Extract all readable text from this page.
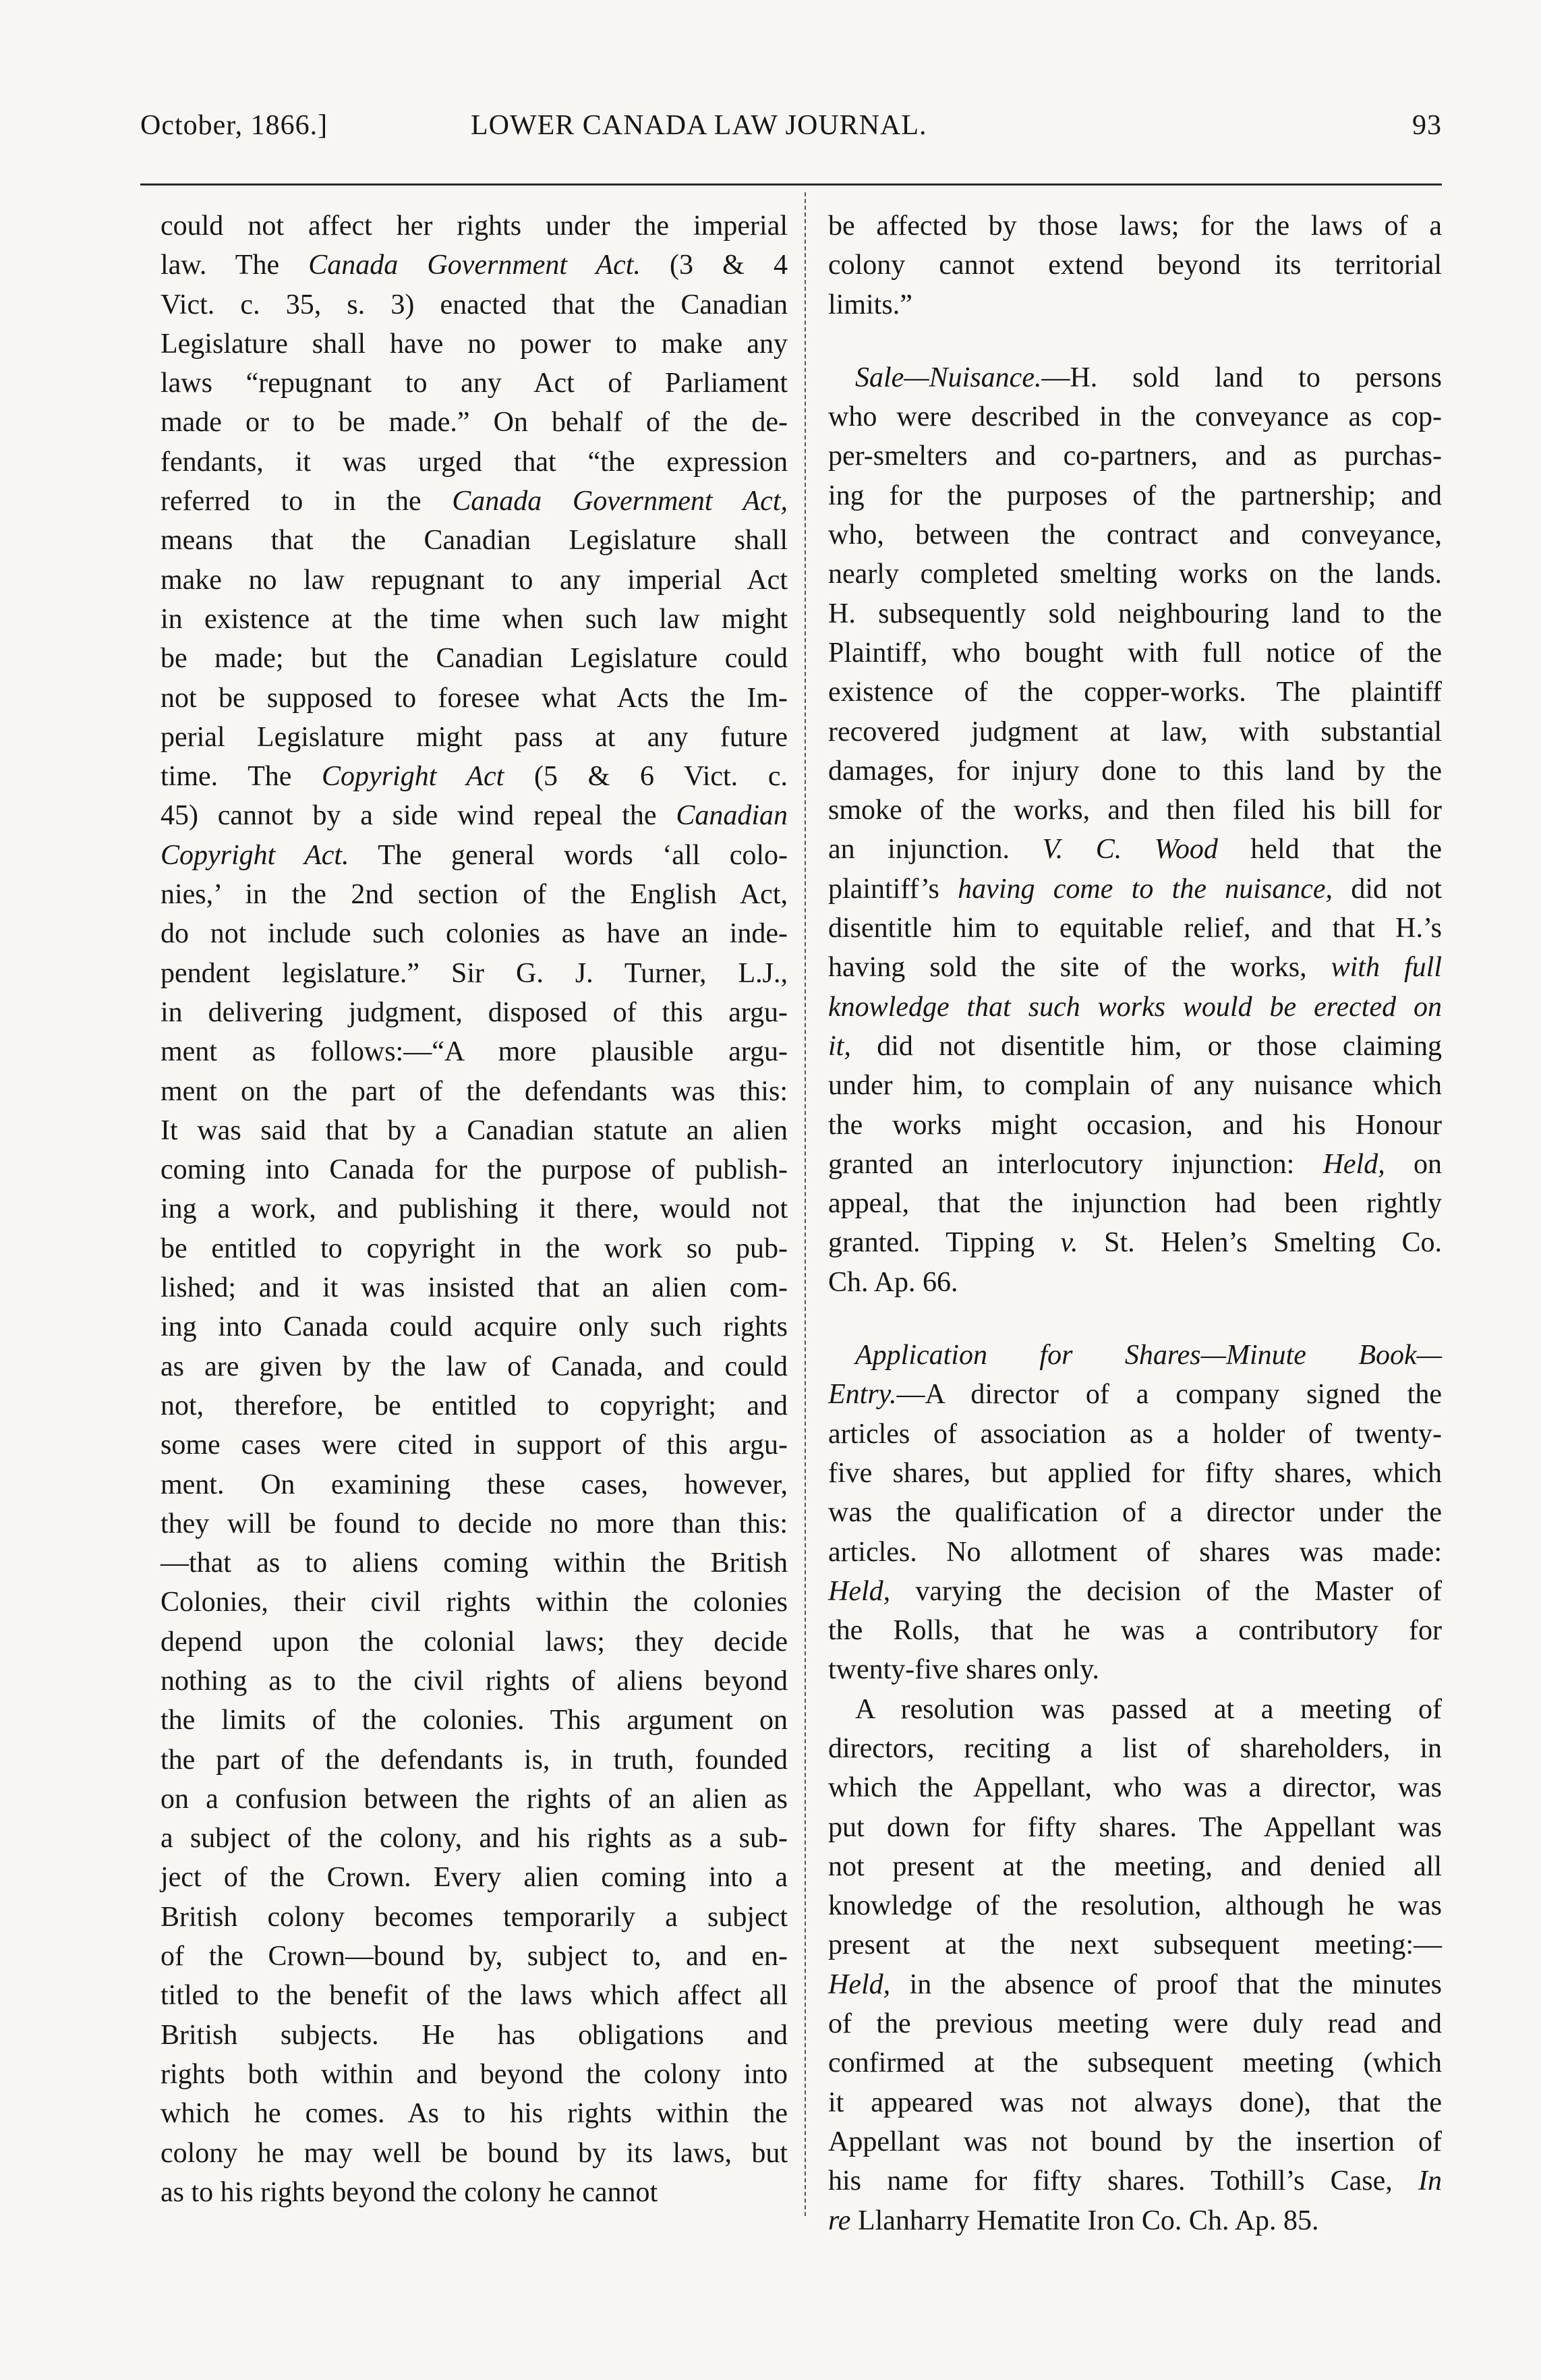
October, 1866.]	LOWER CANADA LAW JOURNAL.	93

could not affect her rights under the imperial

law. The Canada Government Act. (3 & 4

Vict. c. 35, s. 3) enacted that the Canadian

Legislature shall have no power to make any

laws “repugnant to any Act of Parliament

made or to be made.” On behalf of the de-

fendants, it was urged that “the expression

referred to in the Canada Government Act,

means that the Canadian Legislature shall

make no law repugnant to any imperial Act

in existence at the time when such law might

be made; but the Canadian Legislature could

not be supposed to foresee what Acts the Im-

perial Legislature might pass at any future

time. The Copyright Act (5 & 6 Vict. c.

45) cannot by a side wind repeal the Canadian

Copyright Act. The general words ‘all colo-

nies,’ in the 2nd section of the English Act,

do not include such colonies as have an inde-

pendent legislature.” Sir G. J. Turner, L.J.,

in delivering judgment, disposed of this argu-

ment as follows:—“A more plausible argu-

ment on the part of the defendants was this:

It was said that by a Canadian statute an alien

coming into Canada for the purpose of publish-

ing a work, and publishing it there, would not

be entitled to copyright in the work so pub-

lished; and it was insisted that an alien com-

ing into Canada could acquire only such rights

as are given by the law of Canada, and could

not, therefore, be entitled to copyright; and

some cases were cited in support of this argu-

ment. On examining these cases, however,

they will be found to decide no more than this:

—that as to aliens coming within the British

Colonies, their civil rights within the colonies

depend upon the colonial laws; they decide

nothing as to the civil rights of aliens beyond

the limits of the colonies. This argument on

the part of the defendants is, in truth, founded

on a confusion between the rights of an alien as

a subject of the colony, and his rights as a sub-

ject of the Crown. Every alien coming into a

British colony becomes temporarily a subject

of the Crown—bound by, subject to, and en-

titled to the benefit of the laws which affect all

British subjects. He has obligations and

rights both within and beyond the colony into

which he comes. As to his rights within the

colony he may well be bound by its laws, but

as to his rights beyond the colony he cannot

be affected by those laws; for the laws of a

colony cannot extend beyond its territorial

limits.”

Sale—Nuisance.—H. sold land to persons

who were described in the conveyance as cop-

per-smelters and co-partners, and as purchas-

ing for the purposes of the partnership; and

who, between the contract and conveyance,

nearly completed smelting works on the lands.

H. subsequently sold neighbouring land to the

Plaintiff, who bought with full notice of the

existence of the copper-works. The plaintiff

recovered judgment at law, with substantial

damages, for injury done to this land by the

smoke of the works, and then filed his bill for

an injunction. V. C. Wood held that the

plaintiff’s having come to the nuisance, did not

disentitle him to equitable relief, and that H.’s

having sold the site of the works, with full

knowledge that such works would be erected on

it, did not disentitle him, or those claiming

under him, to complain of any nuisance which

the works might occasion, and his Honour

granted an interlocutory injunction: Held, on

appeal, that the injunction had been rightly

granted. Tipping v. St. Helen’s Smelting Co.

Ch. Ap. 66.

Application for Shares—Minute Book—

Entry.—A director of a company signed the

articles of association as a holder of twenty-

five shares, but applied for fifty shares, which

was the qualification of a director under the

articles. No allotment of shares was made:

Held, varying the decision of the Master of

the Rolls, that he was a contributory for

twenty-five shares only.

A resolution was passed at a meeting of

directors, reciting a list of shareholders, in

which the Appellant, who was a director, was

put down for fifty shares. The Appellant was

not present at the meeting, and denied all

knowledge of the resolution, although he was

present at the next subsequent meeting:—

Held, in the absence of proof that the minutes

of the previous meeting were duly read and

confirmed at the subsequent meeting (which

it appeared was not always done), that the

Appellant was not bound by the insertion of

his name for fifty shares. Tothill’s Case, In

re Llanharry Hematite Iron Co. Ch. Ap. 85.
